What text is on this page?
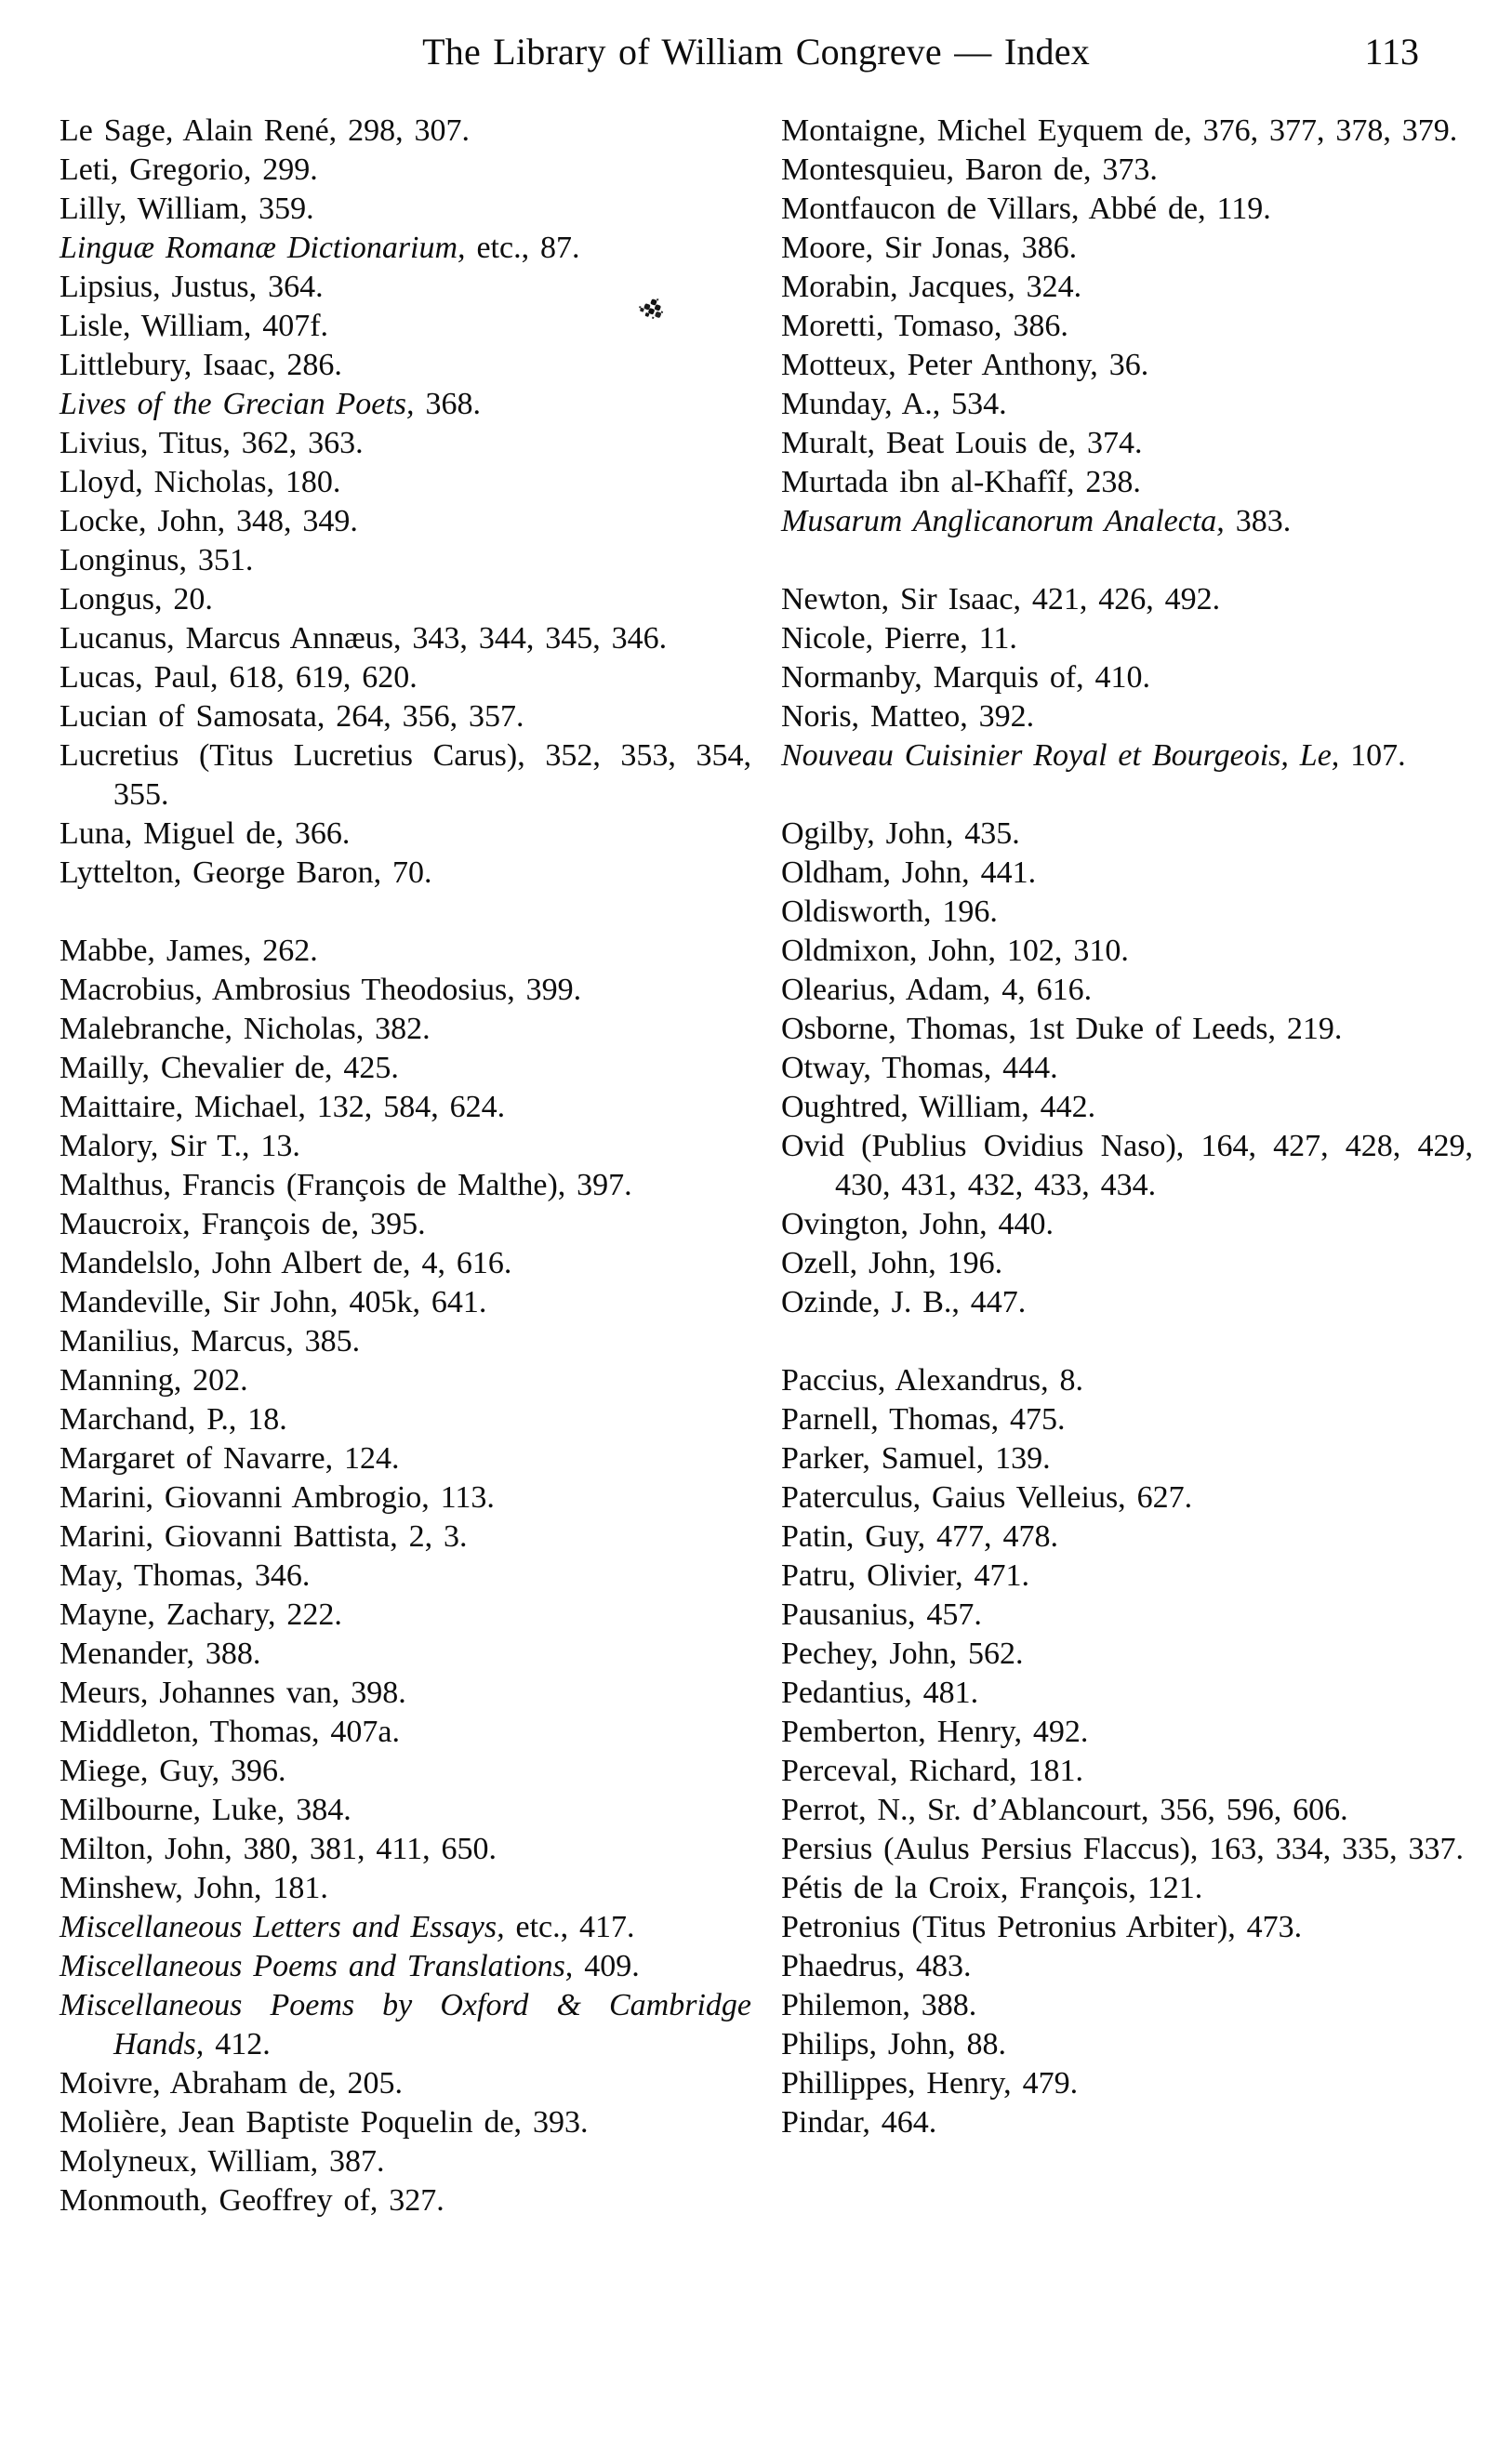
The Library of William Congreve — Index	113

Le Sage, Alain René, 298, 307.

Leti, Gregorio, 299.

Lilly, William, 359.

Linguæ Romanæ Dictionarium, etc., 87.

Lipsius, Justus, 364.

Lisle, William, 407f.

Littlebury, Isaac, 286.

Lives of the Grecian Poets, 368.

Livius, Titus, 362, 363.

Lloyd, Nicholas, 180.

Locke, John, 348, 349.

Longinus, 351.

Longus, 20.

Lucanus, Marcus Annæus, 343, 344, 345, 346.

Lucas, Paul, 618, 619, 620.

Lucian of Samosata, 264, 356, 357.

Lucretius (Titus Lucretius Carus), 352, 353, 354, 355.

Luna, Miguel de, 366.

Lyttelton, George Baron, 70.

Mabbe, James, 262.

Macrobius, Ambrosius Theodosius, 399.

Malebranche, Nicholas, 382.

Mailly, Chevalier de, 425.

Maittaire, Michael, 132, 584, 624.

Malory, Sir T., 13.

Malthus, Francis (François de Malthe), 397.

Maucroix, François de, 395.

Mandelslo, John Albert de, 4, 616.

Mandeville, Sir John, 405k, 641.

Manilius, Marcus, 385.

Manning, 202.

Marchand, P., 18.

Margaret of Navarre, 124.

Marini, Giovanni Ambrogio, 113.

Marini, Giovanni Battista, 2, 3.

May, Thomas, 346.

Mayne, Zachary, 222.

Menander, 388.

Meurs, Johannes van, 398.

Middleton, Thomas, 407a.

Miege, Guy, 396.

Milbourne, Luke, 384.

Milton, John, 380, 381, 411, 650.

Minshew, John, 181.

Miscellaneous Letters and Essays, etc., 417.

Miscellaneous Poems and Translations, 409.

Miscellaneous Poems by Oxford & Cambridge Hands, 412.

Moivre, Abraham de, 205.

Molière, Jean Baptiste Poquelin de, 393.

Molyneux, William, 387.

Monmouth, Geoffrey of, 327.

Montaigne, Michel Eyquem de, 376, 377, 378, 379.

Montesquieu, Baron de, 373.

Montfaucon de Villars, Abbé de, 119.

Moore, Sir Jonas, 386.

Morabin, Jacques, 324.

Moretti, Tomaso, 386.

Motteux, Peter Anthony, 36.

Munday, A., 534.

Muralt, Beat Louis de, 374.

Murtada ibn al-Khafîf, 238.

Musarum Anglicanorum Analecta, 383.

Newton, Sir Isaac, 421, 426, 492.

Nicole, Pierre, 11.

Normanby, Marquis of, 410.

Noris, Matteo, 392.

Nouveau Cuisinier Royal et Bourgeois, Le, 107.

Ogilby, John, 435.

Oldham, John, 441.

Oldisworth, 196.

Oldmixon, John, 102, 310.

Olearius, Adam, 4, 616.

Osborne, Thomas, 1st Duke of Leeds, 219.

Otway, Thomas, 444.

Oughtred, William, 442.

Ovid (Publius Ovidius Naso), 164, 427, 428, 429, 430, 431, 432, 433, 434.

Ovington, John, 440.

Ozell, John, 196.

Ozinde, J. B., 447.

Paccius, Alexandrus, 8.

Parnell, Thomas, 475.

Parker, Samuel, 139.

Paterculus, Gaius Velleius, 627.

Patin, Guy, 477, 478.

Patru, Olivier, 471.

Pausanius, 457.

Pechey, John, 562.

Pedantius, 481.

Pemberton, Henry, 492.

Perceval, Richard, 181.

Perrot, N., Sr. d’Ablancourt, 356, 596, 606.

Persius (Aulus Persius Flaccus), 163, 334, 335, 337.

Pétis de la Croix, François, 121.

Petronius (Titus Petronius Arbiter), 473.

Phaedrus, 483.

Philemon, 388.

Philips, John, 88.

Phillippes, Henry, 479.

Pindar, 464.
